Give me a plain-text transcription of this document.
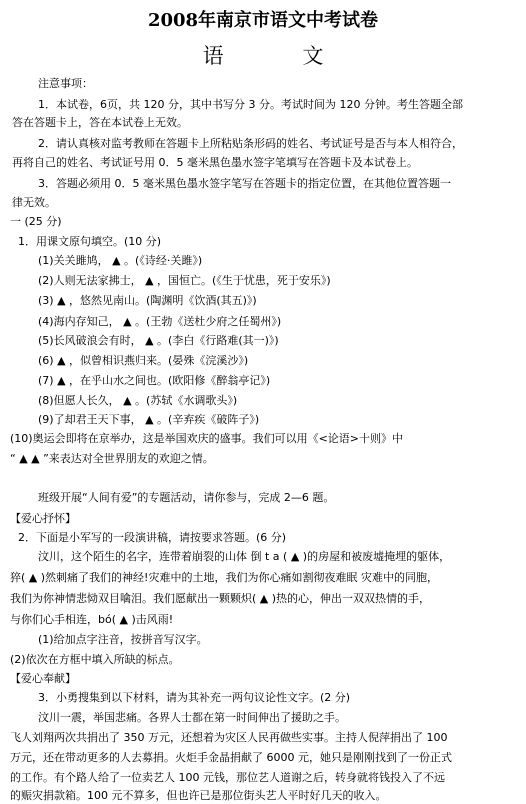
2008年南京市语文中考试卷
语 文
注意事项：
1．本试卷，6页，共 120 分，其中书写分 3 分。考试时间为 120 分钟。考生答题全部
答在答题卡上，答在本试卷上无效。
2．请认真核对监考教师在答题卡上所粘贴条形码的姓名、考试证号是否与本人相符合，
再将自己的姓名、考试证号用 0．5 毫米黑色墨水签字笔填写在答题卡及本试卷上。
3．答题必须用 0．5 毫米黑色墨水签字笔写在答题卡的指定位置，在其他位置答题一
律无效。
一 (25 分)
1．用课文原句填空。(10 分)
(1)关关雎鸠， ▲ 。(《诗经·关雎》)
(2)人则无法家拂士， ▲ ，国恒亡。(《生于忧患，死于安乐》)
(3) ▲ ，悠然见南山。(陶渊明《饮酒(其五)》)
(4)海内存知己， ▲ 。(王勃《送杜少府之任蜀州》)
(5)长风破浪会有时， ▲ 。(李白《行路难(其一)》)
(6) ▲ ，似曾相识燕归来。(晏殊《浣溪沙》)
(7) ▲ ，在乎山水之间也。(欧阳修《醉翁亭记》)
(8)但愿人长久， ▲ 。(苏轼《水调歌头》)
(9)了却君王天下事， ▲ 。(辛弃疾《破阵子》)
(10)奥运会即将在京举办，这是举国欢庆的盛事。我们可以用《<论语>十则》中
“ ▲ ▲ ”来表达对全世界朋友的欢迎之情。
班级开展“人间有爱”的专题活动，请你参与，完成 2—6 题。
【爱心抒怀】
2．下面是小军写的一段演讲稿，请按要求答题。(6 分)
汶川，这个陌生的名字，连带着崩裂的山体 倒 t a ( ▲ )的房屋和被废墟掩埋的躯体，
猝( ▲ )然刺痛了我们的神经!灾难中的土地，我们为你心痛如割彻夜难眠 灾难中的同胞，
我们为你神情悲恸双目噙泪。我们愿献出一颗颗炽( ▲ )热的心，伸出一双双热情的手，
与你们心手相连，bó( ▲ )击风雨!
(1)给加点字注音，按拼音写汉字。
(2)依次在方框中填入所缺的标点。
【爱心奉献】
3．小勇搜集到以下材料，请为其补充一两句议论性文字。(2 分)
汶川一震，举国悲痛。各界人士都在第一时间伸出了援助之手。
飞人刘翔两次共捐出了 350 万元，还想着为灾区人民再做些实事。主持人倪萍捐出了 100
万元，还在带动更多的人去募捐。火炬手金晶捐献了 6000 元，她只是刚刚找到了一份正式
的工作。有个路人给了一位卖艺人 100 元钱，那位艺人道谢之后，转身就将钱投入了不远
的赈灾捐款箱。100 元不算多，但也许已是那位街头艺人平时好几天的收入。
